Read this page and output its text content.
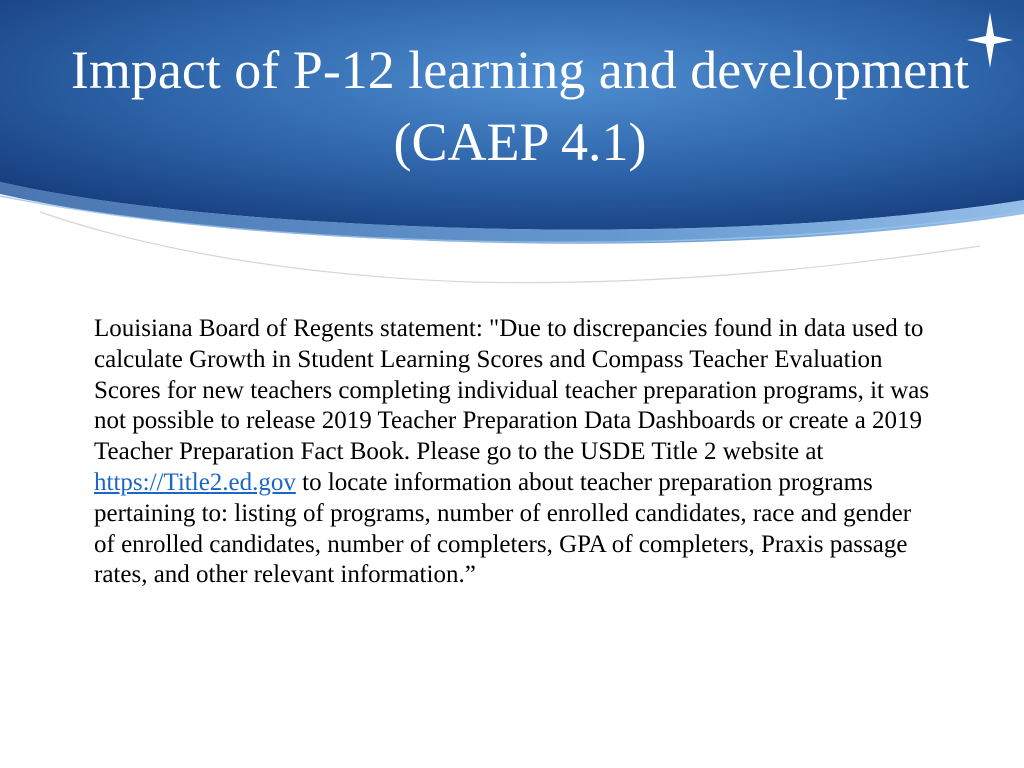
Impact of P-12 learning and development (CAEP 4.1)

Louisiana Board of Regents statement: "Due to discrepancies found in data used to calculate Growth in Student Learning Scores and Compass Teacher Evaluation Scores for new teachers completing individual teacher preparation programs, it was not possible to release 2019 Teacher Preparation Data Dashboards or create a 2019 Teacher Preparation Fact Book. Please go to the USDE Title 2 website at https://Title2.ed.gov to locate information about teacher preparation programs pertaining to: listing of programs, number of enrolled candidates, race and gender of enrolled candidates, number of completers, GPA of completers, Praxis passage rates, and other relevant information.”
